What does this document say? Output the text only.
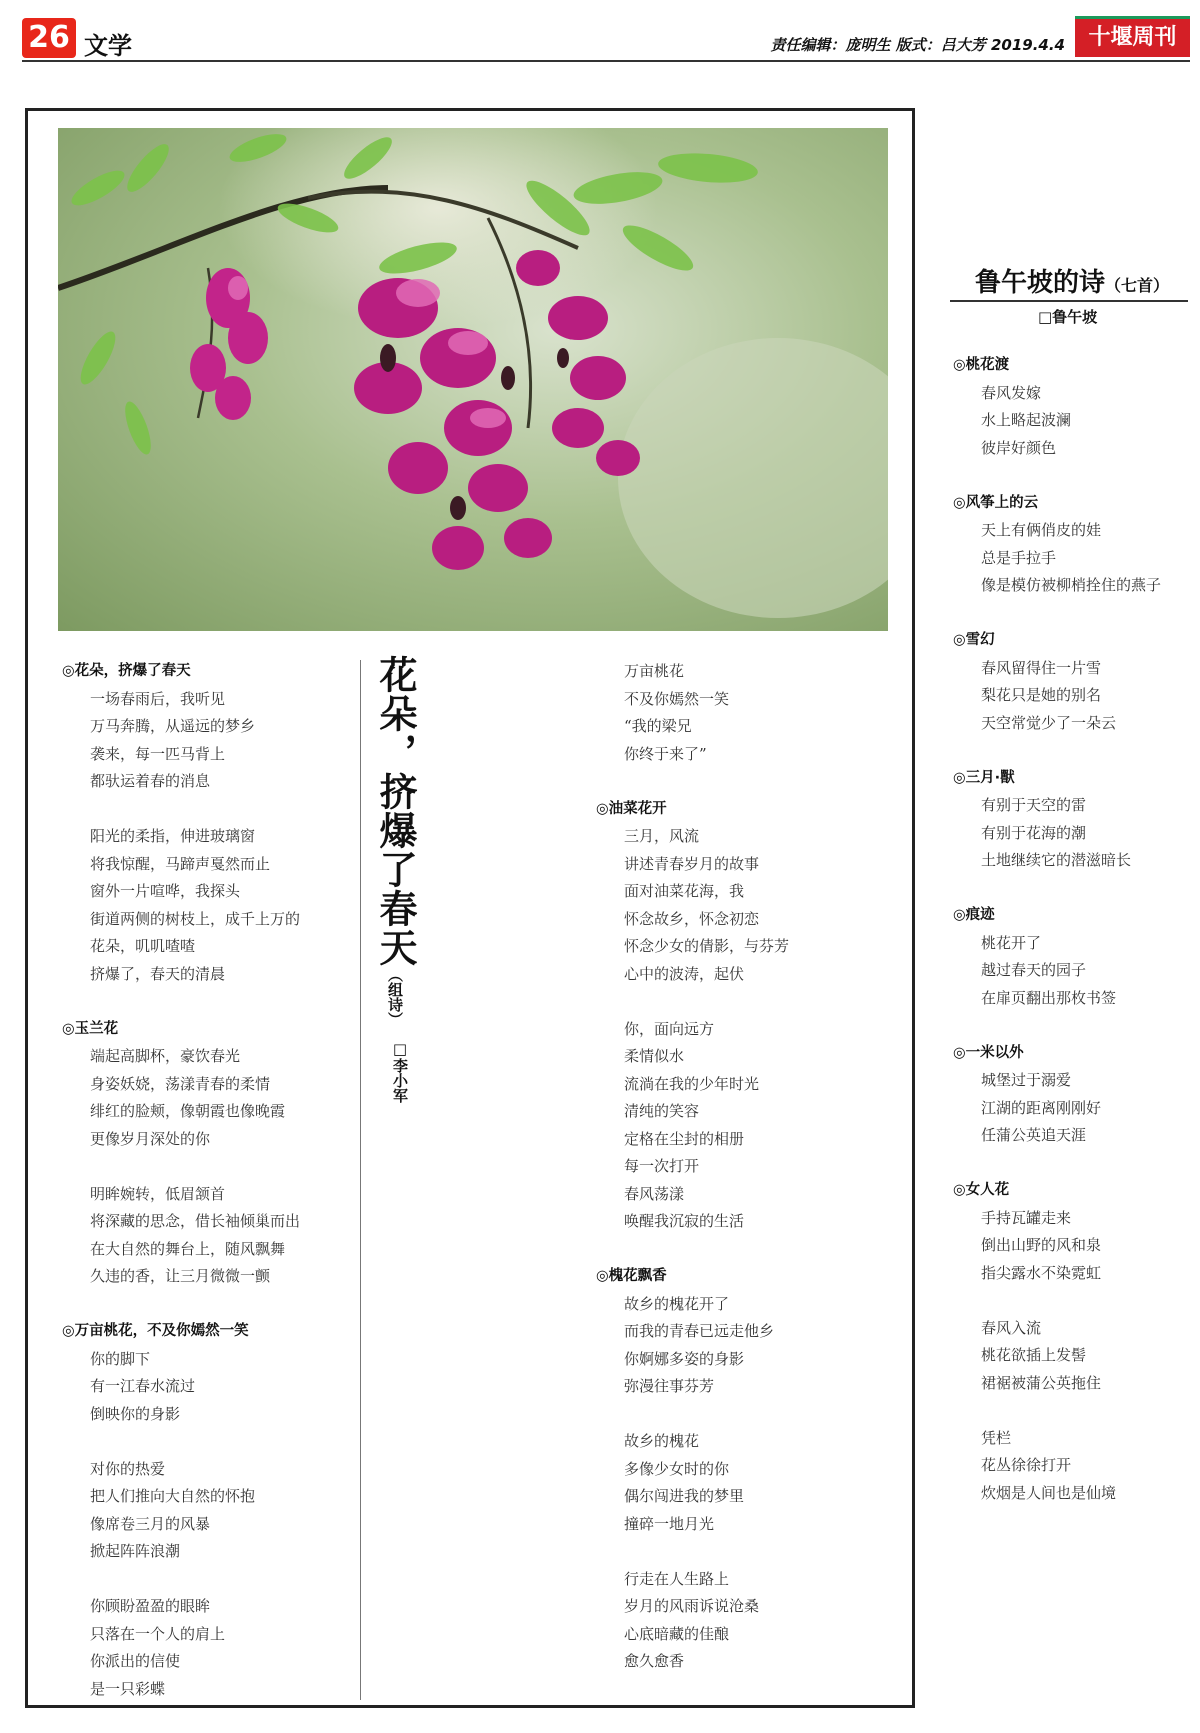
26 文学	责任编辑：庞明生 版式：吕大芳 2019.4.4	十堰周刊
◎花朵，挤爆了春天
一场春雨后，我听见
万马奔腾，从遥远的梦乡
袭来，每一匹马背上
都驮运着春的消息
阳光的柔指，伸进玻璃窗
将我惊醒，马蹄声戛然而止
窗外一片喧哗，我探头
街道两侧的树枝上，成千上万的
花朵，叽叽喳喳
挤爆了，春天的清晨
◎玉兰花
端起高脚杯，豪饮春光
身姿妖娆，荡漾青春的柔情
绯红的脸颊，像朝霞也像晚霞
更像岁月深处的你
明眸婉转，低眉颔首
将深藏的思念，借长袖倾巢而出
在大自然的舞台上，随风飘舞
久违的香，让三月微微一颤
◎万亩桃花，不及你嫣然一笑
你的脚下
有一江春水流过
倒映你的身影
对你的热爱
把人们推向大自然的怀抱
像席卷三月的风暴
掀起阵阵浪潮
你顾盼盈盈的眼眸
只落在一个人的肩上
你派出的信使
是一只彩蝶
花朵，挤爆了春天（组诗）
□李小军
万亩桃花
不及你嫣然一笑
“我的梁兄
你终于来了”
◎油菜花开
三月，风流
讲述青春岁月的故事
面对油菜花海，我
怀念故乡，怀念初恋
怀念少女的倩影，与芬芳
心中的波涛，起伏
你，面向远方
柔情似水
流淌在我的少年时光
清纯的笑容
定格在尘封的相册
每一次打开
春风荡漾
唤醒我沉寂的生活
◎槐花飘香
故乡的槐花开了
而我的青春已远走他乡
你婀娜多姿的身影
弥漫往事芬芳
故乡的槐花
多像少女时的你
偶尔闯进我的梦里
撞碎一地月光
行走在人生路上
岁月的风雨诉说沧桑
心底暗藏的佳酿
愈久愈香
鲁午坡的诗（七首）
□鲁午坡
◎桃花渡
春风发嫁
水上略起波澜
彼岸好颜色
◎风筝上的云
天上有俩俏皮的娃
总是手拉手
像是模仿被柳梢拴住的燕子
◎雪幻
春风留得住一片雪
梨花只是她的别名
天空常觉少了一朵云
◎三月·獸
有别于天空的雷
有别于花海的潮
土地继续它的潜滋暗长
◎痕迹
桃花开了
越过春天的园子
在扉页翻出那枚书签
◎一米以外
城堡过于溺爱
江湖的距离刚刚好
任蒲公英追天涯
◎女人花
手持瓦罐走来
倒出山野的风和泉
指尖露水不染霓虹
春风入流
桃花欲插上发髻
裙裾被蒲公英拖住
凭栏
花丛徐徐打开
炊烟是人间也是仙境
